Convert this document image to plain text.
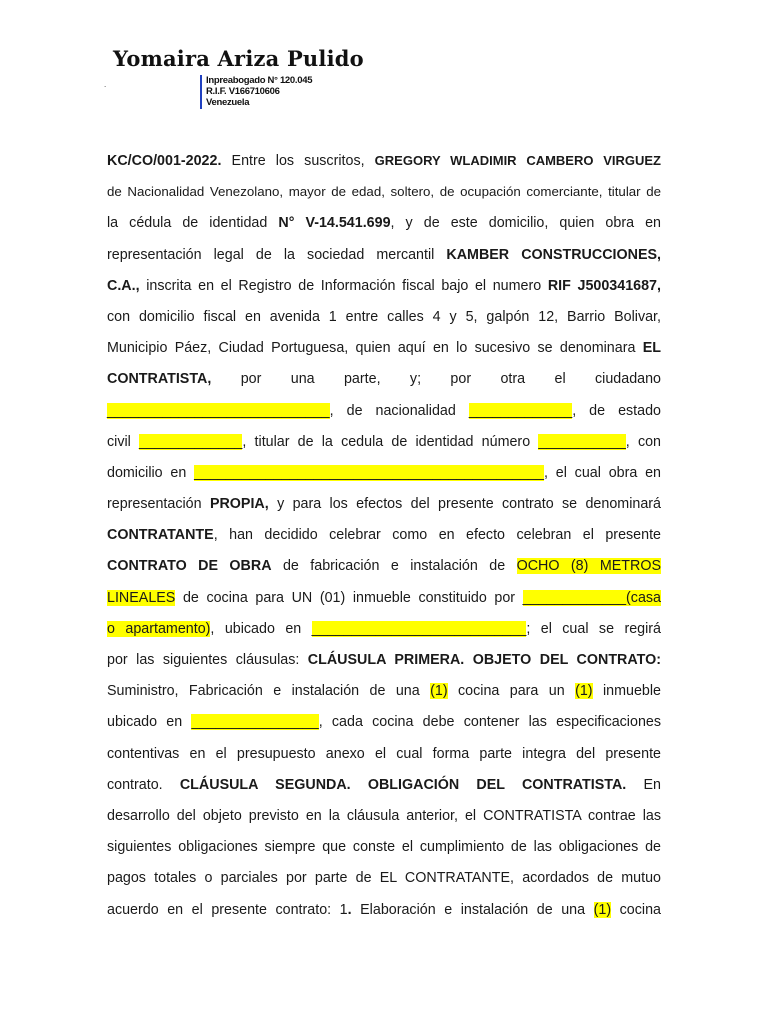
Yomaira Ariza Pulido
.	Inpreabogado N° 120.045
R.I.F. V166710606
Venezuela
KC/CO/001-2022. Entre los suscritos, GREGORY WLADIMIR CAMBERO VIRGUEZ
de Nacionalidad Venezolano, mayor de edad, soltero, de ocupación comerciante, titular de
la cédula de identidad N° V-14.541.699, y de este domicilio, quien obra en
representación legal de la sociedad mercantil KAMBER CONSTRUCCIONES,
C.A., inscrita en el Registro de Información fiscal bajo el numero RIF J500341687,
con domicilio fiscal en avenida 1 entre calles 4 y 5, galpón 12, Barrio Bolivar,
Municipio Páez, Ciudad Portuguesa, quien aquí en lo sucesivo se denominara EL
CONTRATISTA, por una parte, y; por otra el ciudadano
____________________________, de nacionalidad _____________, de estado
civil _____________, titular de la cedula de identidad número ___________, con
domicilio en ____________________________________________, el cual obra en
representación PROPIA, y para los efectos del presente contrato se denominará
CONTRATANTE, han decidido celebrar como en efecto celebran el presente
CONTRATO DE OBRA de fabricación e instalación de OCHO (8) METROS
LINEALES de cocina para UN (01) inmueble constituido por _____________(casa
o apartamento), ubicado en ___________________________; el cual se regirá
por las siguientes cláusulas: CLÁUSULA PRIMERA. OBJETO DEL CONTRATO:
Suministro, Fabricación e instalación de una (1) cocina para un (1) inmueble
ubicado en ________________, cada cocina debe contener las especificaciones
contentivas en el presupuesto anexo el cual forma parte integra del presente
contrato. CLÁUSULA SEGUNDA. OBLIGACIÓN DEL CONTRATISTA. En
desarrollo del objeto previsto en la cláusula anterior, el CONTRATISTA contrae las
siguientes obligaciones siempre que conste el cumplimiento de las obligaciones de
pagos totales o parciales por parte de EL CONTRATANTE, acordados de mutuo
acuerdo en el presente contrato: 1. Elaboración e instalación de una (1) cocina
